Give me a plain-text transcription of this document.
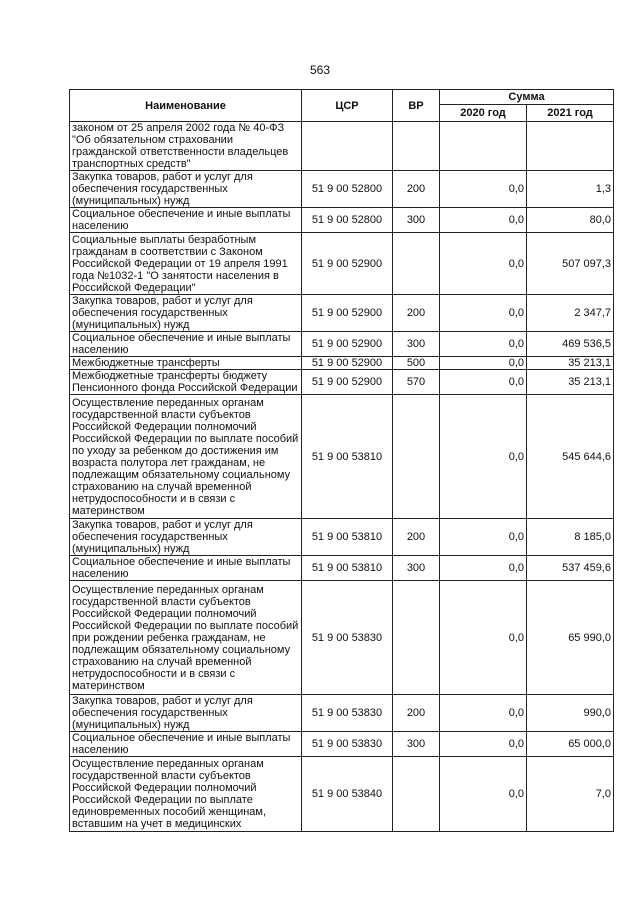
563
Наименование	ЦСР	ВР	Сумма	
			2020 год	2021 год
законом от 25 апреля 2002 года № 40-ФЗ "Об обязательном страховании гражданской ответственности владельцев транспортных средств"				
Закупка товаров, работ и услуг для обеспечения государственных (муниципальных) нужд	51 9 00 52800	200	0,0	1,3
Социальное обеспечение и иные выплаты населению	51 9 00 52800	300	0,0	80,0
Социальные выплаты безработным гражданам в соответствии с Законом Российской Федерации от 19 апреля 1991 года №1032-1 "О занятости населения в Российской Федерации"	51 9 00 52900		0,0	507 097,3
Закупка товаров, работ и услуг для обеспечения государственных (муниципальных) нужд	51 9 00 52900	200	0,0	2 347,7
Социальное обеспечение и иные выплаты населению	51 9 00 52900	300	0,0	469 536,5
Межбюджетные трансферты	51 9 00 52900	500	0,0	35 213,1
Межбюджетные трансферты бюджету Пенсионного фонда Российской Федерации	51 9 00 52900	570	0,0	35 213,1
Осуществление переданных органам государственной власти субъектов Российской Федерации полномочий Российской Федерации по выплате пособий по уходу за ребенком до достижения им возраста полутора лет гражданам, не подлежащим обязательному социальному страхованию на случай временной нетрудоспособности и в связи с материнством	51 9 00 53810		0,0	545 644,6
Закупка товаров, работ и услуг для обеспечения государственных (муниципальных) нужд	51 9 00 53810	200	0,0	8 185,0
Социальное обеспечение и иные выплаты населению	51 9 00 53810	300	0,0	537 459,6
Осуществление переданных органам государственной власти субъектов Российской Федерации полномочий Российской Федерации по выплате пособий при рождении ребенка гражданам, не подлежащим обязательному социальному страхованию на случай временной нетрудоспособности и в связи с материнством	51 9 00 53830		0,0	65 990,0
Закупка товаров, работ и услуг для обеспечения государственных (муниципальных) нужд	51 9 00 53830	200	0,0	990,0
Социальное обеспечение и иные выплаты населению	51 9 00 53830	300	0,0	65 000,0
Осуществление переданных органам государственной власти субъектов Российской Федерации полномочий Российской Федерации по выплате единовременных пособий женщинам, вставшим на учет в медицинских	51 9 00 53840		0,0	7,0
